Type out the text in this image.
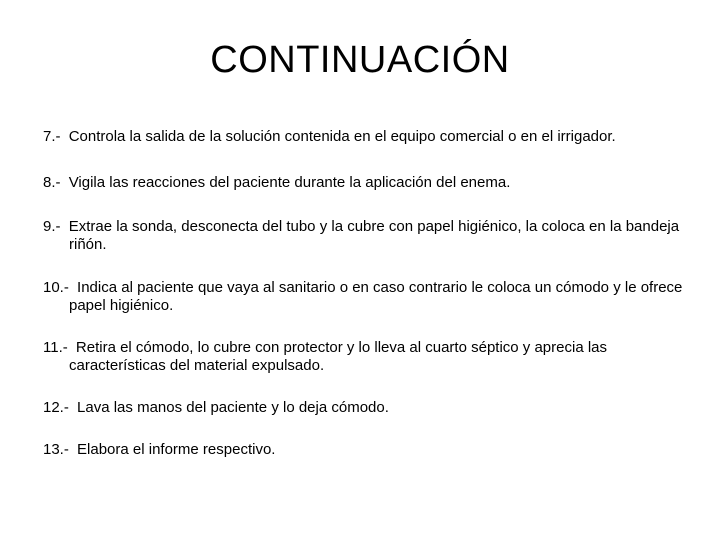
CONTINUACIÓN
7.- Controla la salida de la solución contenida en el equipo comercial o en el irrigador.
8.- Vigila las reacciones del paciente durante la aplicación del enema.
9.- Extrae la sonda, desconecta del tubo y la cubre con papel higiénico, la coloca en la bandeja riñón.
10.- Indica al paciente que vaya al sanitario o en caso contrario le coloca un cómodo y le ofrece papel higiénico.
11.- Retira el cómodo, lo cubre con protector y lo lleva al cuarto séptico y aprecia las características del material expulsado.
12.- Lava las manos del paciente y lo deja cómodo.
13.- Elabora el informe respectivo.
